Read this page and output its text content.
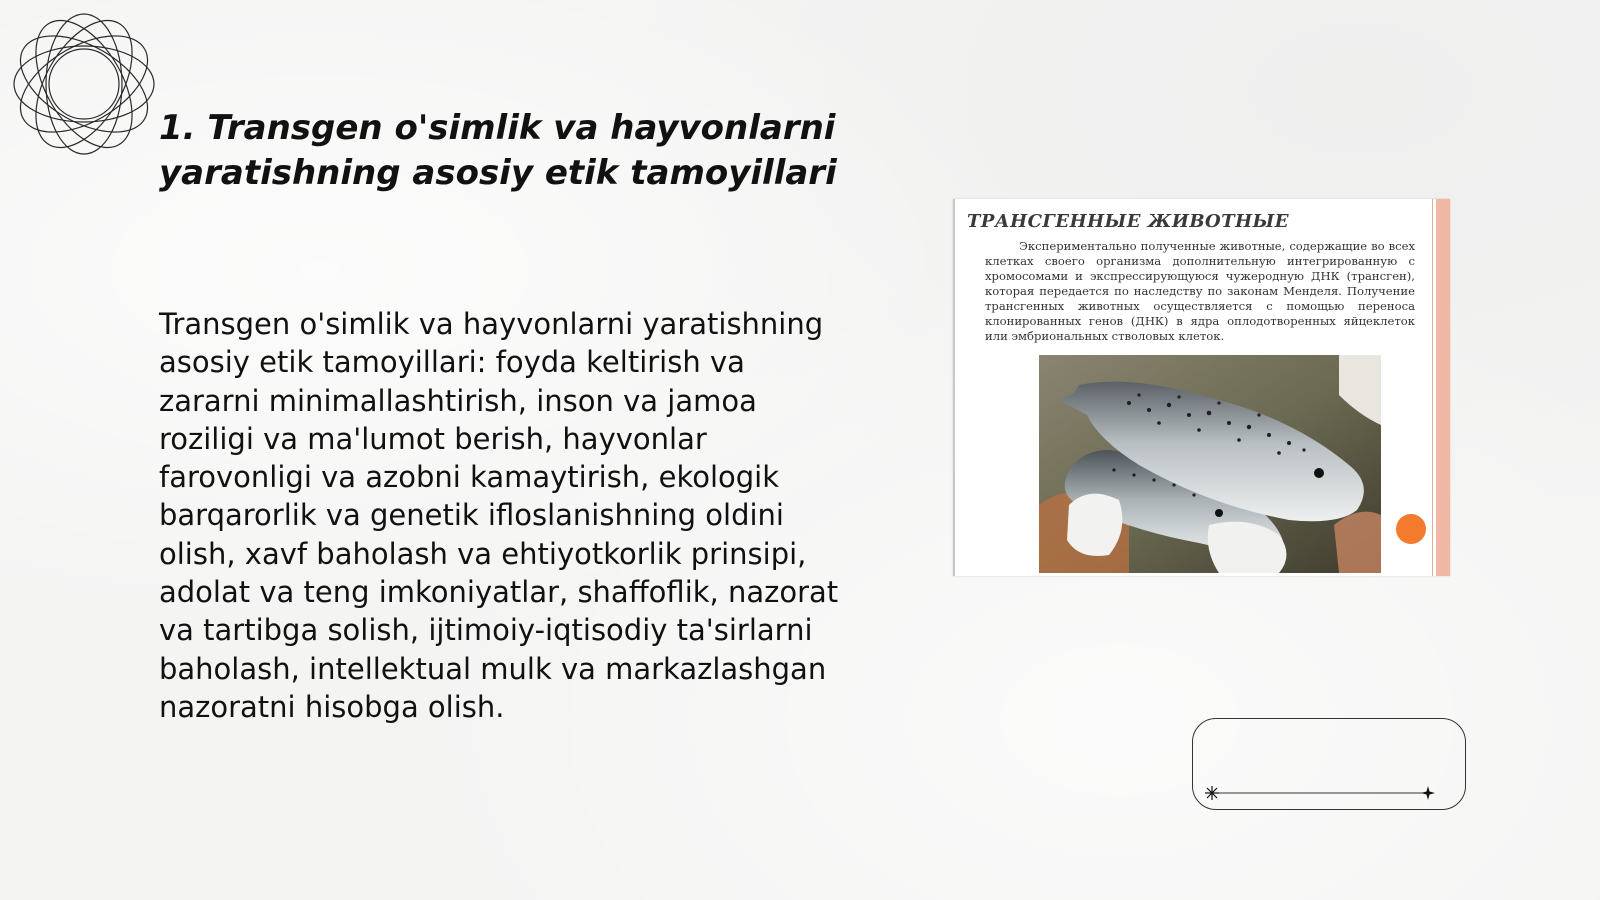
1. Transgen o'simlik va hayvonlarni yaratishning asosiy etik tamoyillari
Transgen o'simlik va hayvonlarni yaratishning asosiy etik tamoyillari: foyda keltirish va zararni minimallashtirish, inson va jamoa roziligi va ma'lumot berish, hayvonlar farovonligi va azobni kamaytirish, ekologik barqarorlik va genetik ifloslanishning oldini olish, xavf baholash va ehtiyotkorlik prinsipi, adolat va teng imkoniyatlar, shaffoflik, nazorat va tartibga solish, ijtimoiy-iqtisodiy ta'sirlarni baholash, intellektual mulk va markazlashgan nazoratni hisobga olish.
ТРАНСГЕННЫЕ ЖИВОТНЫЕ
Экспериментально полученные животные, содержащие во всех клетках своего организма дополнительную интегрированную с хромосомами и экспрессирующуюся чужеродную ДНК (трансген), которая передается по наследству по законам Менделя. Получение трансгенных животных осуществляется с помощью переноса клонированных генов (ДНК) в ядра оплодотворенных яйцеклеток или эмбриональных стволовых клеток.
